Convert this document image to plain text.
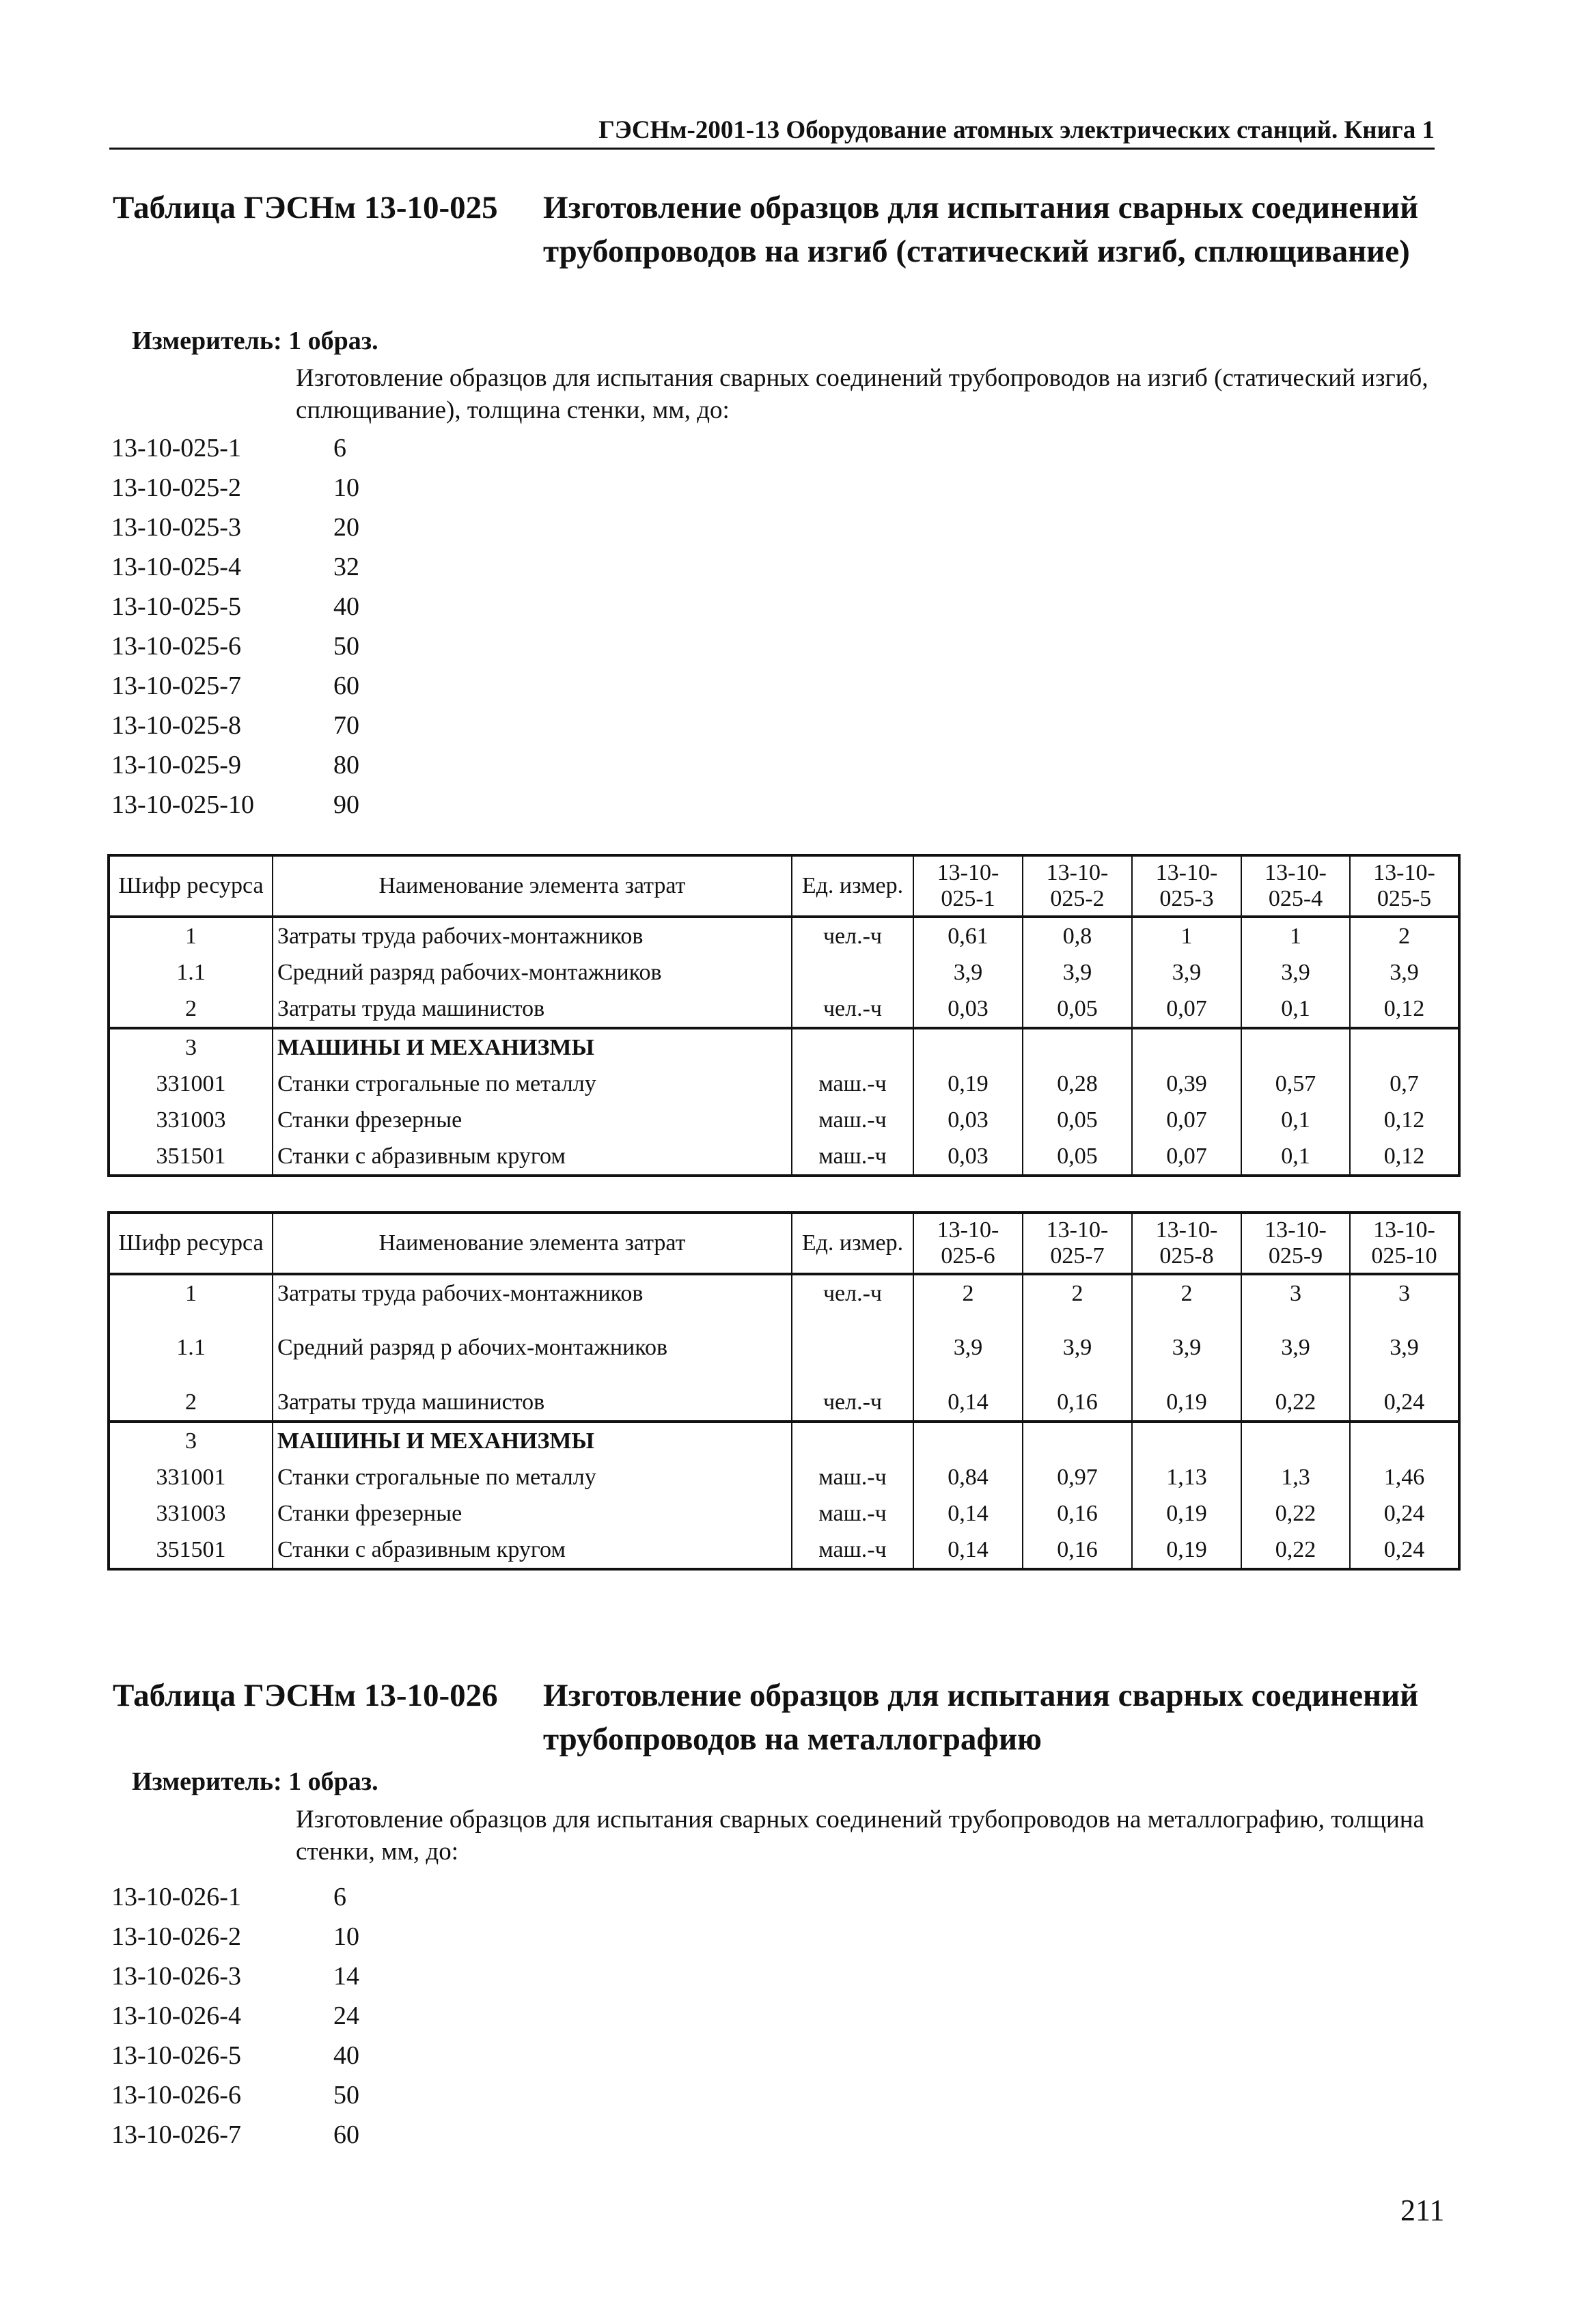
ГЭСНм-2001-13 Оборудование атомных электрических станций. Книга 1
Таблица ГЭСНм 13-10-025 Изготовление образцов для испытания сварных соединений трубопроводов на изгиб (статический изгиб, сплющивание)
Измеритель: 1 образ.
Изготовление образцов для испытания сварных соединений трубопроводов на изгиб (статический изгиб, сплющивание), толщина стенки, мм, до:
13-10-025-1	6
13-10-025-2	10
13-10-025-3	20
13-10-025-4	32
13-10-025-5	40
13-10-025-6	50
13-10-025-7	60
13-10-025-8	70
13-10-025-9	80
13-10-025-10	90
Шифр ресурса	Наименование элемента затрат	Ед. измер.	13-10-025-1	13-10-025-2	13-10-025-3	13-10-025-4	13-10-025-5
1	Затраты труда рабочих-монтажников	чел.-ч	0,61	0,8	1	1	2
1.1	Средний разряд рабочих-монтажников		3,9	3,9	3,9	3,9	3,9
2	Затраты труда машинистов	чел.-ч	0,03	0,05	0,07	0,1	0,12
3	МАШИНЫ И МЕХАНИЗМЫ						
331001	Станки строгальные по металлу	маш.-ч	0,19	0,28	0,39	0,57	0,7
331003	Станки фрезерные	маш.-ч	0,03	0,05	0,07	0,1	0,12
351501	Станки с абразивным кругом	маш.-ч	0,03	0,05	0,07	0,1	0,12
Шифр ресурса	Наименование элемента затрат	Ед. измер.	13-10-025-6	13-10-025-7	13-10-025-8	13-10-025-9	13-10-025-10
1	Затраты труда рабочих-монтажников	чел.-ч	2	2	2	3	3
1.1	Средний разряд р абочих-монтажников		3,9	3,9	3,9	3,9	3,9
2	Затраты труда машинистов	чел.-ч	0,14	0,16	0,19	0,22	0,24
3	МАШИНЫ И МЕХАНИЗМЫ						
331001	Станки строгальные по металлу	маш.-ч	0,84	0,97	1,13	1,3	1,46
331003	Станки фрезерные	маш.-ч	0,14	0,16	0,19	0,22	0,24
351501	Станки с абразивным кругом	маш.-ч	0,14	0,16	0,19	0,22	0,24
Таблица ГЭСНм 13-10-026 Изготовление образцов для испытания сварных соединений трубопроводов на металлографию
Измеритель: 1 образ.
Изготовление образцов для испытания сварных соединений трубопроводов на металлографию, толщина стенки, мм, до:
13-10-026-1	6
13-10-026-2	10
13-10-026-3	14
13-10-026-4	24
13-10-026-5	40
13-10-026-6	50
13-10-026-7	60
211
